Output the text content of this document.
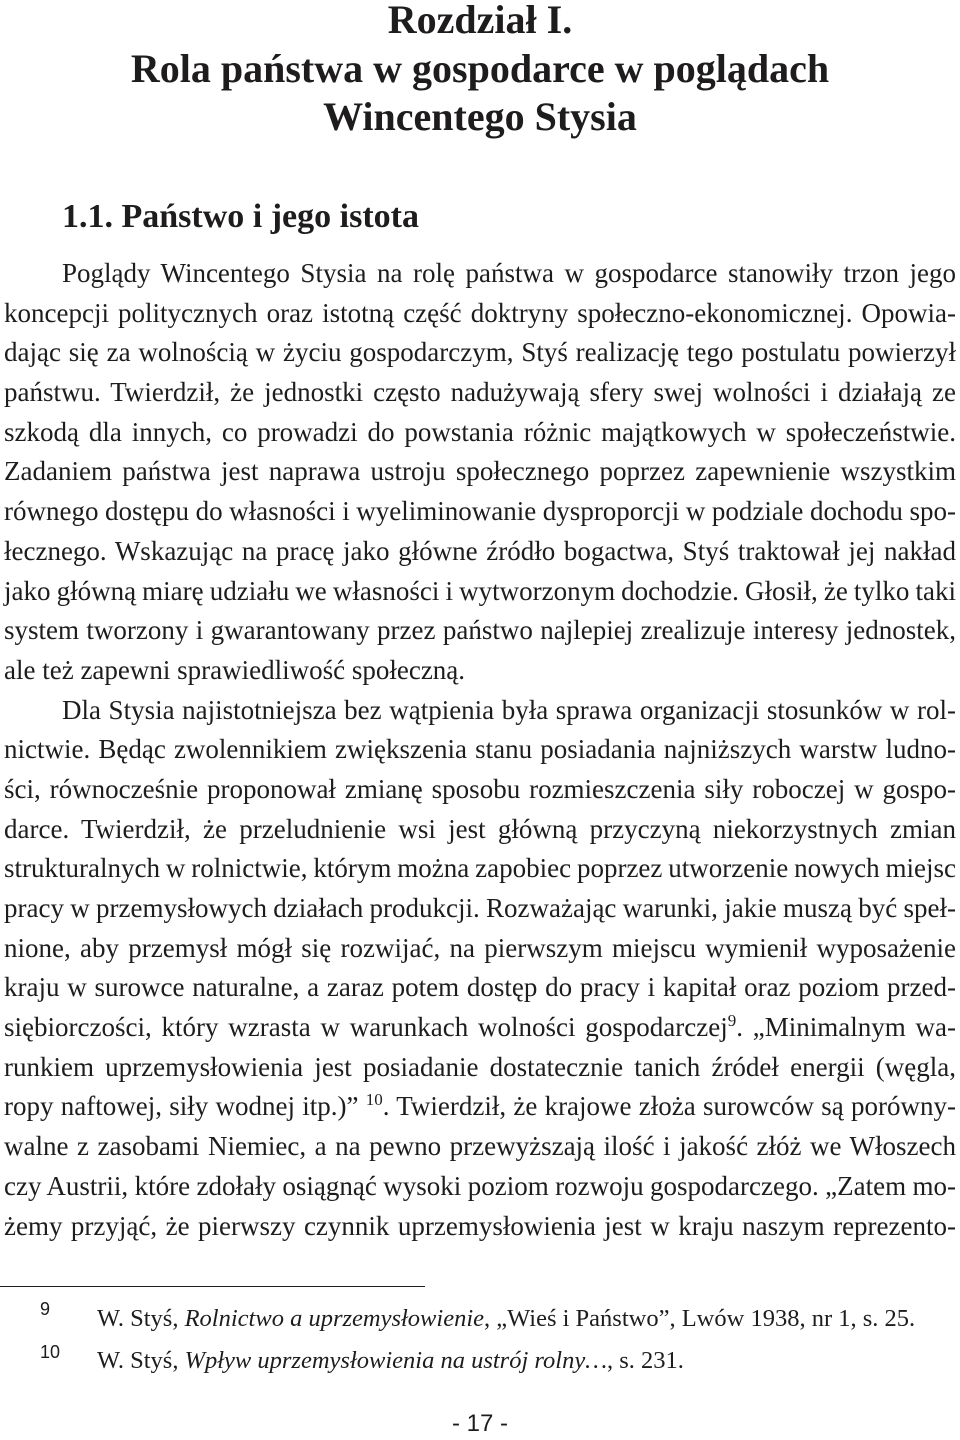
Rozdział I.
Rola państwa w gospodarce w poglądach
Wincentego Stysia
1.1. Państwo i jego istota
Poglądy Wincentego Stysia na rolę państwa w gospodarce stanowiły trzon jego
koncepcji politycznych oraz istotną część doktryny społeczno-ekonomicznej. Opowia-
dając się za wolnością w życiu gospodarczym, Styś realizację tego postulatu powierzył
państwu. Twierdził, że jednostki często nadużywają sfery swej wolności i działają ze
szkodą dla innych, co prowadzi do powstania różnic majątkowych w społeczeństwie.
Zadaniem państwa jest naprawa ustroju społecznego poprzez zapewnienie wszystkim
równego dostępu do własności i wyeliminowanie dysproporcji w podziale dochodu spo-
łecznego. Wskazując na pracę jako główne źródło bogactwa, Styś traktował jej nakład
jako główną miarę udziału we własności i wytworzonym dochodzie. Głosił, że tylko taki
system tworzony i gwarantowany przez państwo najlepiej zrealizuje interesy jednostek,
ale też zapewni sprawiedliwość społeczną.
Dla Stysia najistotniejsza bez wątpienia była sprawa organizacji stosunków w rol-
nictwie. Będąc zwolennikiem zwiększenia stanu posiadania najniższych warstw ludno-
ści, równocześnie proponował zmianę sposobu rozmieszczenia siły roboczej w gospo-
darce. Twierdził, że przeludnienie wsi jest główną przyczyną niekorzystnych zmian
strukturalnych w rolnictwie, którym można zapobiec poprzez utworzenie nowych miejsc
pracy w przemysłowych działach produkcji. Rozważając warunki, jakie muszą być speł-
nione, aby przemysł mógł się rozwijać, na pierwszym miejscu wymienił wyposażenie
kraju w surowce naturalne, a zaraz potem dostęp do pracy i kapitał oraz poziom przed-
siębiorczości, który wzrasta w warunkach wolności gospodarczej$^9$. „Minimalnym wa-
runkiem uprzemysłowienia jest posiadanie dostatecznie tanich źródeł energii (węgla,
ropy naftowej, siły wodnej itp.)” $^{10}$. Twierdził, że krajowe złoża surowców są porówny-
walne z zasobami Niemiec, a na pewno przewyższają ilość i jakość złóż we Włoszech
czy Austrii, które zdołały osiągnąć wysoki poziom rozwoju gospodarczego. „Zatem mo-
żemy przyjąć, że pierwszy czynnik uprzemysłowienia jest w kraju naszym reprezento-
9 W. Styś, Rolnictwo a uprzemysłowienie, „Wieś i Państwo”, Lwów 1938, nr 1, s. 25.
10 W. Styś, Wpływ uprzemysłowienia na ustrój rolny…, s. 231.
- 17 -
